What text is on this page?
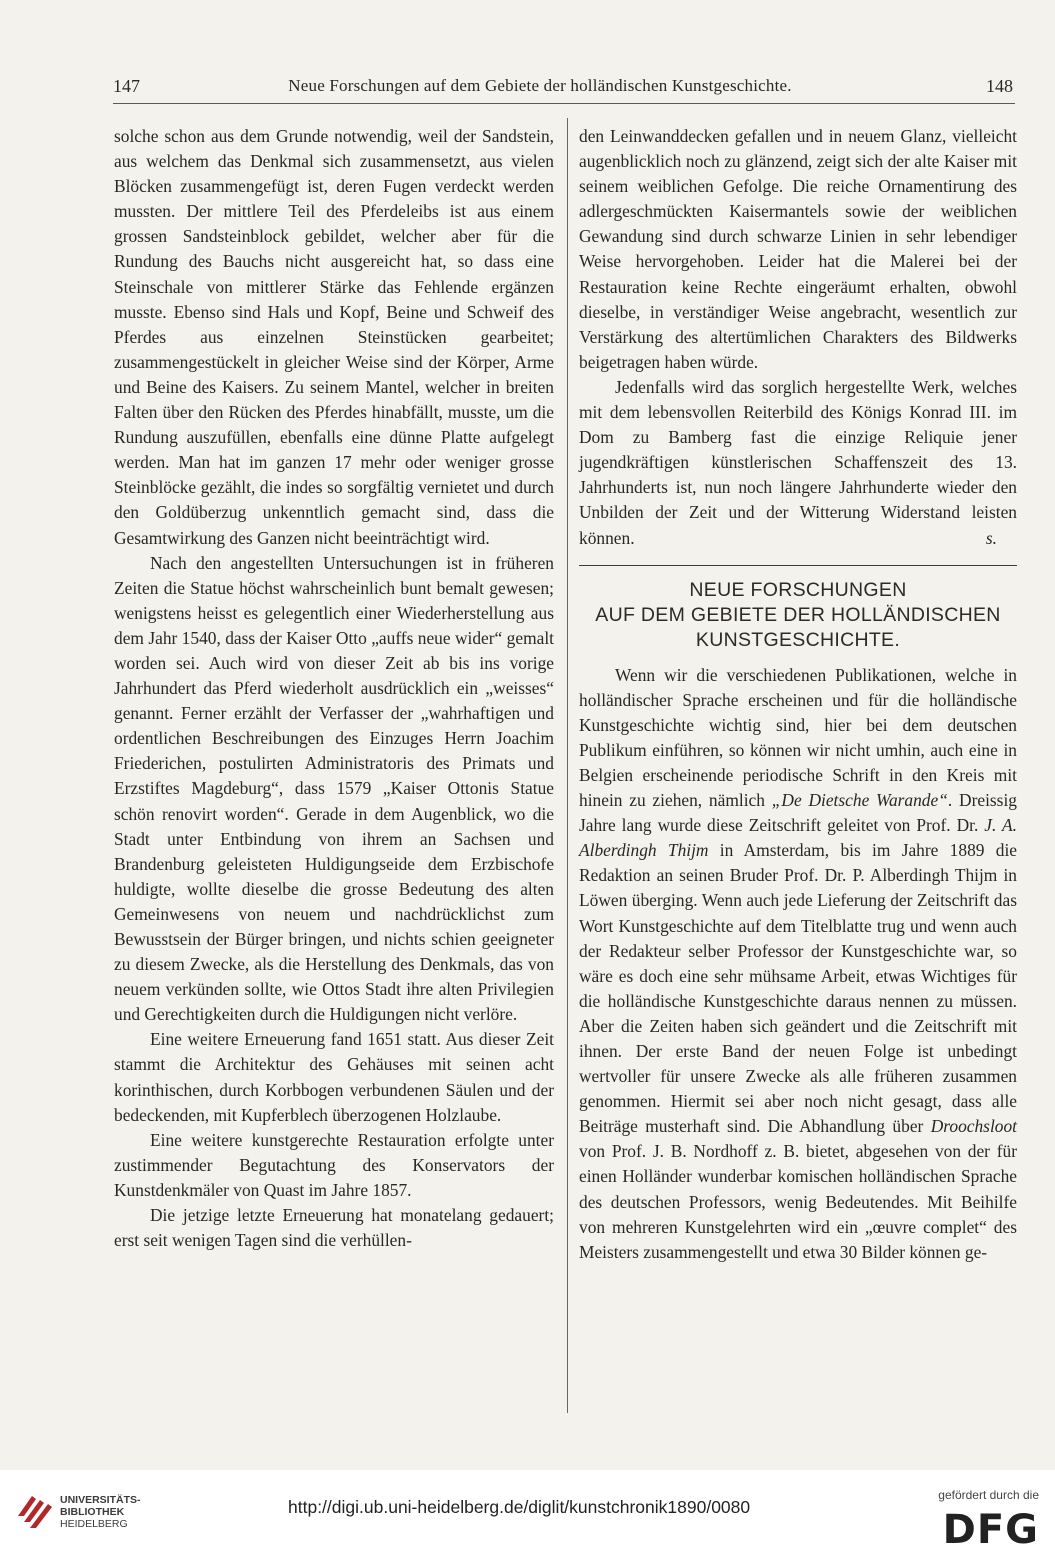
147	Neue Forschungen auf dem Gebiete der holländischen Kunstgeschichte.	148

solche schon aus dem Grunde notwendig, weil der Sandstein, aus welchem das Denkmal sich zusammensetzt, aus vielen Blöcken zusammengefügt ist, deren Fugen verdeckt werden mussten. Der mittlere Teil des Pferdeleibs ist aus einem grossen Sandsteinblock gebildet, welcher aber für die Rundung des Bauchs nicht ausgereicht hat, so dass eine Steinschale von mittlerer Stärke das Fehlende ergänzen musste. Ebenso sind Hals und Kopf, Beine und Schweif des Pferdes aus einzelnen Steinstücken gearbeitet; zusammengestückelt in gleicher Weise sind der Körper, Arme und Beine des Kaisers. Zu seinem Mantel, welcher in breiten Falten über den Rücken des Pferdes hinabfällt, musste, um die Rundung auszufüllen, ebenfalls eine dünne Platte aufgelegt werden. Man hat im ganzen 17 mehr oder weniger grosse Steinblöcke gezählt, die indes so sorgfältig vernietet und durch den Goldüberzug unkenntlich gemacht sind, dass die Gesamtwirkung des Ganzen nicht beeinträchtigt wird.

Nach den angestellten Untersuchungen ist in früheren Zeiten die Statue höchst wahrscheinlich bunt bemalt gewesen; wenigstens heisst es gelegentlich einer Wiederherstellung aus dem Jahr 1540, dass der Kaiser Otto „auffs neue wider“ gemalt worden sei. Auch wird von dieser Zeit ab bis ins vorige Jahrhundert das Pferd wiederholt ausdrücklich ein „weisses“ genannt. Ferner erzählt der Verfasser der „wahrhaftigen und ordentlichen Beschreibungen des Einzuges Herrn Joachim Friederichen, postulirten Administratoris des Primats und Erzstiftes Magdeburg“, dass 1579 „Kaiser Ottonis Statue schön renovirt worden“. Gerade in dem Augenblick, wo die Stadt unter Entbindung von ihrem an Sachsen und Brandenburg geleisteten Huldigungseide dem Erzbischofe huldigte, wollte dieselbe die grosse Bedeutung des alten Gemeinwesens von neuem und nachdrücklichst zum Bewusstsein der Bürger bringen, und nichts schien geeigneter zu diesem Zwecke, als die Herstellung des Denkmals, das von neuem verkünden sollte, wie Ottos Stadt ihre alten Privilegien und Gerechtigkeiten durch die Huldigungen nicht verlöre.

Eine weitere Erneuerung fand 1651 statt. Aus dieser Zeit stammt die Architektur des Gehäuses mit seinen acht korinthischen, durch Korbbogen verbundenen Säulen und der bedeckenden, mit Kupferblech überzogenen Holzlaube.

Eine weitere kunstgerechte Restauration erfolgte unter zustimmender Begutachtung des Konservators der Kunstdenkmäler von Quast im Jahre 1857.

Die jetzige letzte Erneuerung hat monatelang gedauert; erst seit wenigen Tagen sind die verhüllen-

den Leinwanddecken gefallen und in neuem Glanz, vielleicht augenblicklich noch zu glänzend, zeigt sich der alte Kaiser mit seinem weiblichen Gefolge. Die reiche Ornamentirung des adlergeschmückten Kaisermantels sowie der weiblichen Gewandung sind durch schwarze Linien in sehr lebendiger Weise hervorgehoben. Leider hat die Malerei bei der Restauration keine Rechte eingeräumt erhalten, obwohl dieselbe, in verständiger Weise angebracht, wesentlich zur Verstärkung des altertümlichen Charakters des Bildwerks beigetragen haben würde.

Jedenfalls wird das sorglich hergestellte Werk, welches mit dem lebensvollen Reiterbild des Königs Konrad III. im Dom zu Bamberg fast die einzige Reliquie jener jugendkräftigen künstlerischen Schaffenszeit des 13. Jahrhunderts ist, nun noch längere Jahrhunderte wieder den Unbilden der Zeit und der Witterung Widerstand leisten können.	s.

NEUE FORSCHUNGEN
AUF DEM GEBIETE DER HOLLÄNDISCHEN
KUNSTGESCHICHTE.

Wenn wir die verschiedenen Publikationen, welche in holländischer Sprache erscheinen und für die holländische Kunstgeschichte wichtig sind, hier bei dem deutschen Publikum einführen, so können wir nicht umhin, auch eine in Belgien erscheinende periodische Schrift in den Kreis mit hinein zu ziehen, nämlich „De Dietsche Warande“. Dreissig Jahre lang wurde diese Zeitschrift geleitet von Prof. Dr. J. A. Alberdingh Thijm in Amsterdam, bis im Jahre 1889 die Redaktion an seinen Bruder Prof. Dr. P. Alberdingh Thijm in Löwen überging. Wenn auch jede Lieferung der Zeitschrift das Wort Kunstgeschichte auf dem Titelblatte trug und wenn auch der Redakteur selber Professor der Kunstgeschichte war, so wäre es doch eine sehr mühsame Arbeit, etwas Wichtiges für die holländische Kunstgeschichte daraus nennen zu müssen. Aber die Zeiten haben sich geändert und die Zeitschrift mit ihnen. Der erste Band der neuen Folge ist unbedingt wertvoller für unsere Zwecke als alle früheren zusammen genommen. Hiermit sei aber noch nicht gesagt, dass alle Beiträge musterhaft sind. Die Abhandlung über Droochsloot von Prof. J. B. Nordhoff z. B. bietet, abgesehen von der für einen Holländer wunderbar komischen holländischen Sprache des deutschen Professors, wenig Bedeutendes. Mit Beihilfe von mehreren Kunstgelehrten wird ein „œuvre complet“ des Meisters zusammengestellt und etwa 30 Bilder können ge-

UNIVERSITÄTS-
BIBLIOTHEK
HEIDELBERG
http://digi.ub.uni-heidelberg.de/diglit/kunstchronik1890/0080
gefördert durch die
DFG
